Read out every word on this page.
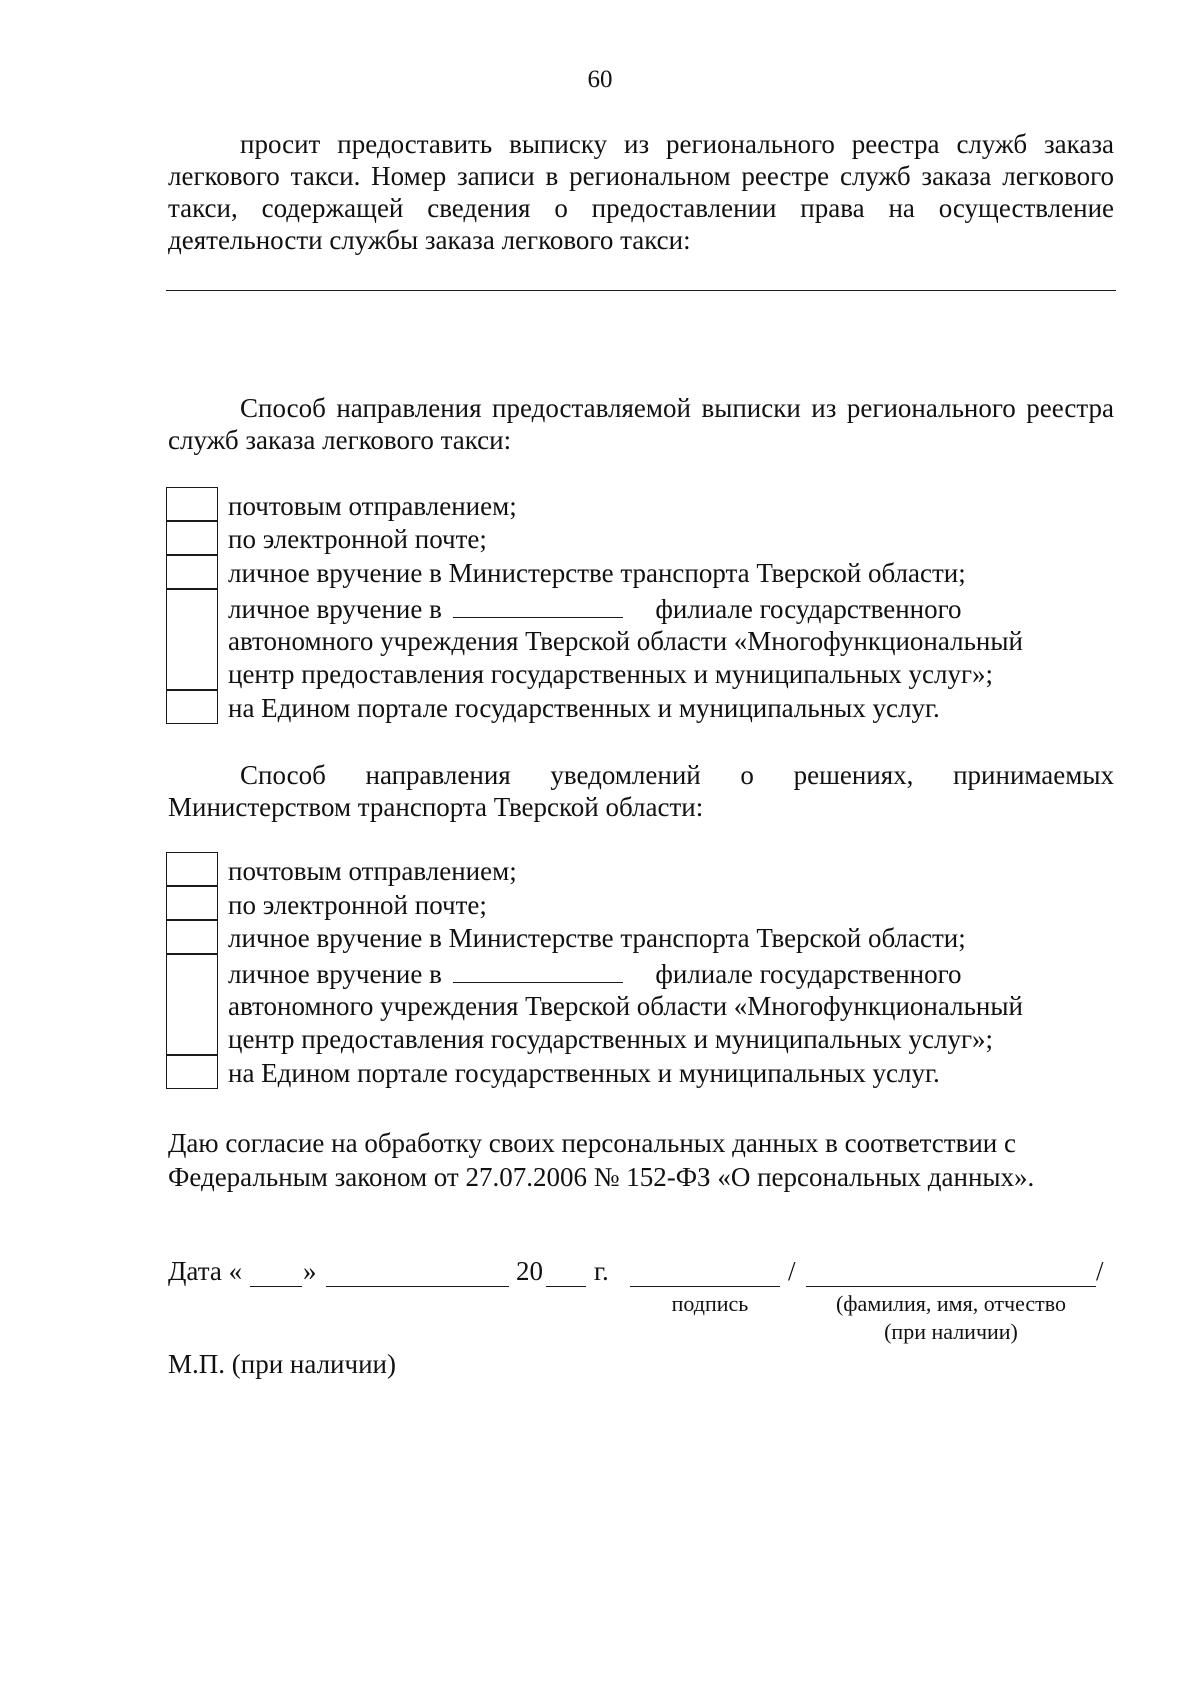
60
просит предоставить выписку из регионального реестра служб заказа легкового такси. Номер записи в региональном реестре служб заказа легкового такси, содержащей сведения о предоставлении права на осуществление деятельности службы заказа легкового такси:
Способ направления предоставляемой выписки из регионального реестра служб заказа легкового такси:
почтовым отправлением;
по электронной почте;
личное вручение в Министерстве транспорта Тверской области;
личное вручение в	филиале государственного
автономного учреждения Тверской области «Многофункциональный
центр предоставления государственных и муниципальных услуг»;
на Едином портале государственных и муниципальных услуг.
Способ направления уведомлений о решениях, принимаемых Министерством транспорта Тверской области:
почтовым отправлением;
по электронной почте;
личное вручение в Министерстве транспорта Тверской области;
личное вручение в	филиале государственного
автономного учреждения Тверской области «Многофункциональный
центр предоставления государственных и муниципальных услуг»;
на Едином портале государственных и муниципальных услуг.
Даю согласие на обработку своих персональных данных в соответствии с
Федеральным законом от 27.07.2006 № 152-ФЗ «О персональных данных».
Дата « »	20 г.	/	/
подпись	(фамилия, имя, отчество
(при наличии)
М.П. (при наличии)
